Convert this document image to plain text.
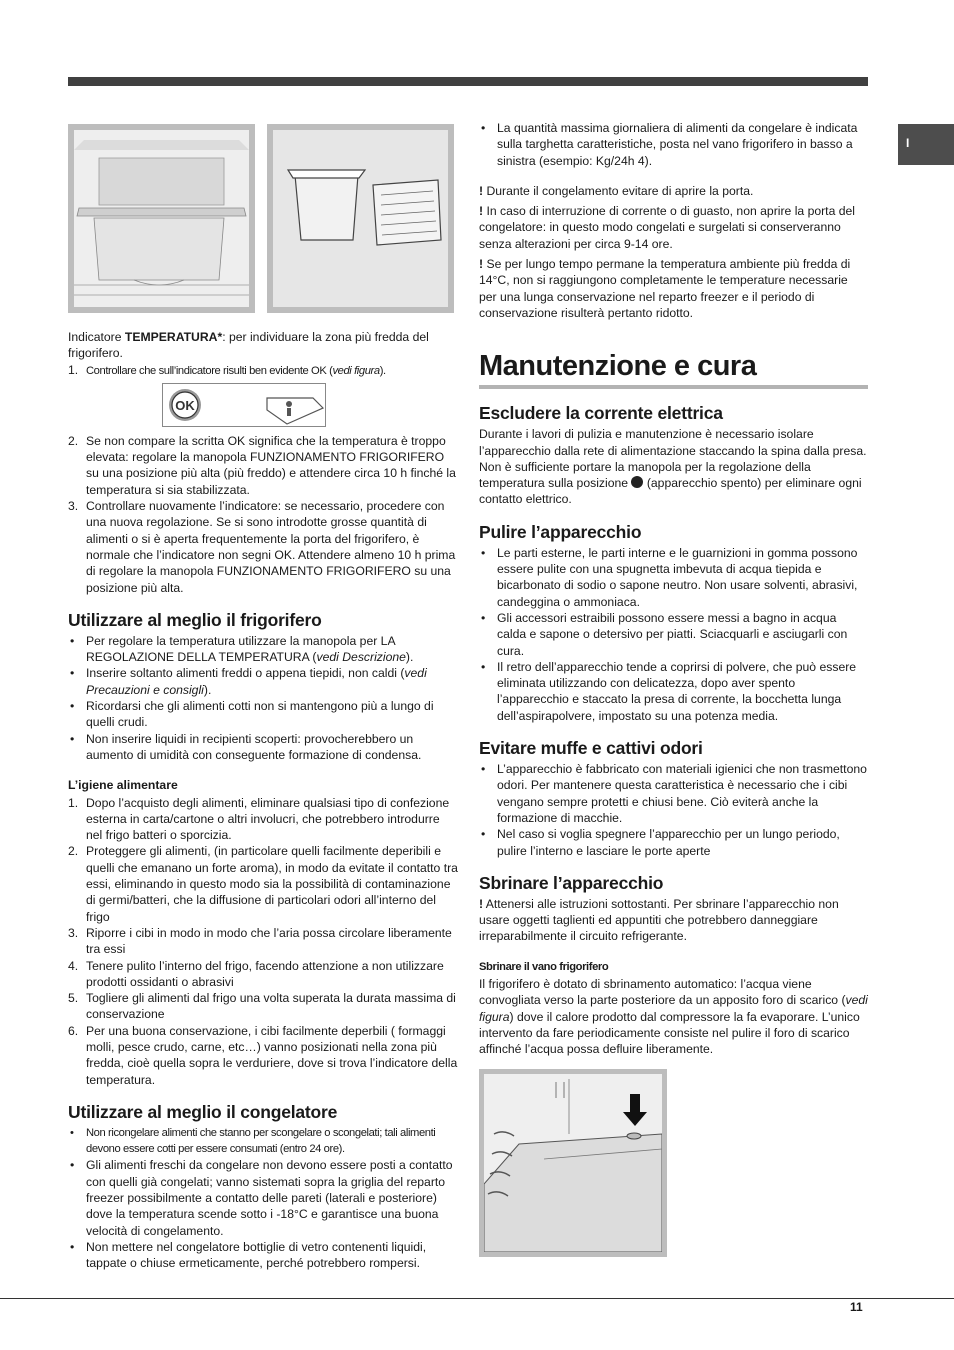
I

Indicatore TEMPERATURA*: per individuare la zona più fredda del frigorifero.

1. Controllare che sull’indicatore risulti ben evidente OK (vedi figura).
OK
2. Se non compare la scritta OK significa che la temperatura è troppo elevata: regolare la manopola FUNZIONAMENTO FRIGORIFERO su una posizione più alta (più freddo) e attendere circa 10 h finché la temperatura si sia stabilizzata.
3. Controllare nuovamente l’indicatore: se necessario, procedere con una nuova regolazione. Se si sono introdotte grosse quantità di alimenti o si è aperta frequentemente la porta del frigorifero, è normale che l’indicatore non segni OK. Attendere almeno 10 h prima di regolare la manopola FUNZIONAMENTO FRIGORIFERO su una posizione più alta.
Utilizzare al meglio il frigorifero
• Per regolare la temperatura utilizzare la manopola per LA REGOLAZIONE DELLA TEMPERATURA (vedi Descrizione).
• Inserire soltanto alimenti freddi o appena tiepidi, non caldi (vedi Precauzioni e consigli).
• Ricordarsi che gli alimenti cotti non si mantengono più a lungo di quelli crudi.
• Non inserire liquidi in recipienti scoperti: provocherebbero un aumento di umidità con conseguente formazione di condensa.
L’igiene alimentare
1. Dopo l’acquisto degli alimenti, eliminare qualsiasi tipo di confezione esterna in carta/cartone o altri involucri, che potrebbero introdurre nel frigo batteri o sporcizia.
2. Proteggere gli alimenti, (in particolare quelli facilmente deperibili e quelli che emanano un forte aroma), in modo da evitate il contatto tra essi, eliminando in questo modo sia la possibilità di contaminazione di germi/batteri, che la diffusione di particolari odori all’interno del frigo
3. Riporre i cibi in modo in modo che l’aria possa circolare liberamente tra essi
4. Tenere pulito l’interno del frigo, facendo attenzione a non utilizzare prodotti ossidanti o abrasivi
5. Togliere gli alimenti dal frigo una volta superata la durata massima di conservazione
6. Per una buona conservazione, i cibi facilmente deperbili ( formaggi molli, pesce crudo, carne, etc…) vanno posizionati nella zona più fredda, cioè quella sopra le verduriere, dove si trova l’indicatore della temperatura.
Utilizzare al meglio il congelatore
• Non ricongelare alimenti che stanno per scongelare o scongelati; tali alimenti devono essere cotti per essere consumati (entro 24 ore).
• Gli alimenti freschi da congelare non devono essere posti a contatto con quelli già congelati; vanno sistemati sopra la griglia del reparto freezer possibilmente a contatto delle pareti (laterali e posteriore) dove la temperatura scende sotto i -18°C e garantisce una buona velocità di congelamento.
• Non mettere nel congelatore bottiglie di vetro contenenti liquidi, tappate o chiuse ermeticamente, perché potrebbero rompersi.
• La quantità massima giornaliera di alimenti da congelare è indicata sulla targhetta caratteristiche, posta nel vano frigorifero in basso a sinistra (esempio: Kg/24h 4).

! Durante il congelamento evitare di aprire la porta.

! In caso di interruzione di corrente o di guasto, non aprire la porta del congelatore: in questo modo congelati e surgelati si conserveranno senza alterazioni per circa 9-14 ore.

! Se per lungo tempo permane la temperatura ambiente più fredda di 14°C, non si raggiungono completamente le temperature necessarie per una lunga conservazione nel reparto freezer e il periodo di conservazione risulterà pertanto ridotto.

Manutenzione e cura
Escludere la corrente elettrica

Durante i lavori di pulizia e manutenzione è necessario isolare l’apparecchio dalla rete di alimentazione staccando la spina dalla presa. Non è sufficiente portare la manopola per la regolazione della temperatura sulla posizione  (apparecchio spento) per eliminare ogni contatto elettrico.

Pulire l’apparecchio
• Le parti esterne, le parti interne e le guarnizioni in gomma possono essere pulite con una spugnetta imbevuta di acqua tiepida e bicarbonato di sodio o sapone neutro. Non usare solventi, abrasivi, candeggina o ammoniaca.
• Gli accessori estraibili possono essere messi a bagno in acqua calda e sapone o detersivo per piatti. Sciacquarli e asciugarli con cura.
• Il retro dell’apparecchio tende a coprirsi di polvere, che può essere eliminata utilizzando con delicatezza, dopo aver spento l’apparecchio e staccato la presa di corrente, la bocchetta lunga dell’aspirapolvere, impostato su una potenza media.
Evitare muffe e cattivi odori
• L’apparecchio è fabbricato con materiali igienici che non trasmettono odori. Per mantenere questa caratteristica è necessario che i cibi vengano sempre protetti e chiusi bene. Ciò eviterà anche la formazione di macchie.
• Nel caso si voglia spegnere l’apparecchio per un lungo periodo, pulire l’interno e lasciare le porte aperte
Sbrinare l’apparecchio

! Attenersi alle istruzioni sottostanti. Per sbrinare l’apparecchio non usare oggetti taglienti ed appuntiti che potrebbero danneggiare irreparabilmente il circuito refrigerante.

Sbrinare il vano frigorifero

Il frigorifero è dotato di sbrinamento automatico: l’acqua viene convogliata verso la parte posteriore da un apposito foro di scarico (vedi figura) dove il calore prodotto dal compressore la fa evaporare. L’unico intervento da fare periodicamente consiste nel pulire il foro di scarico affinché l’acqua possa defluire liberamente.

11
